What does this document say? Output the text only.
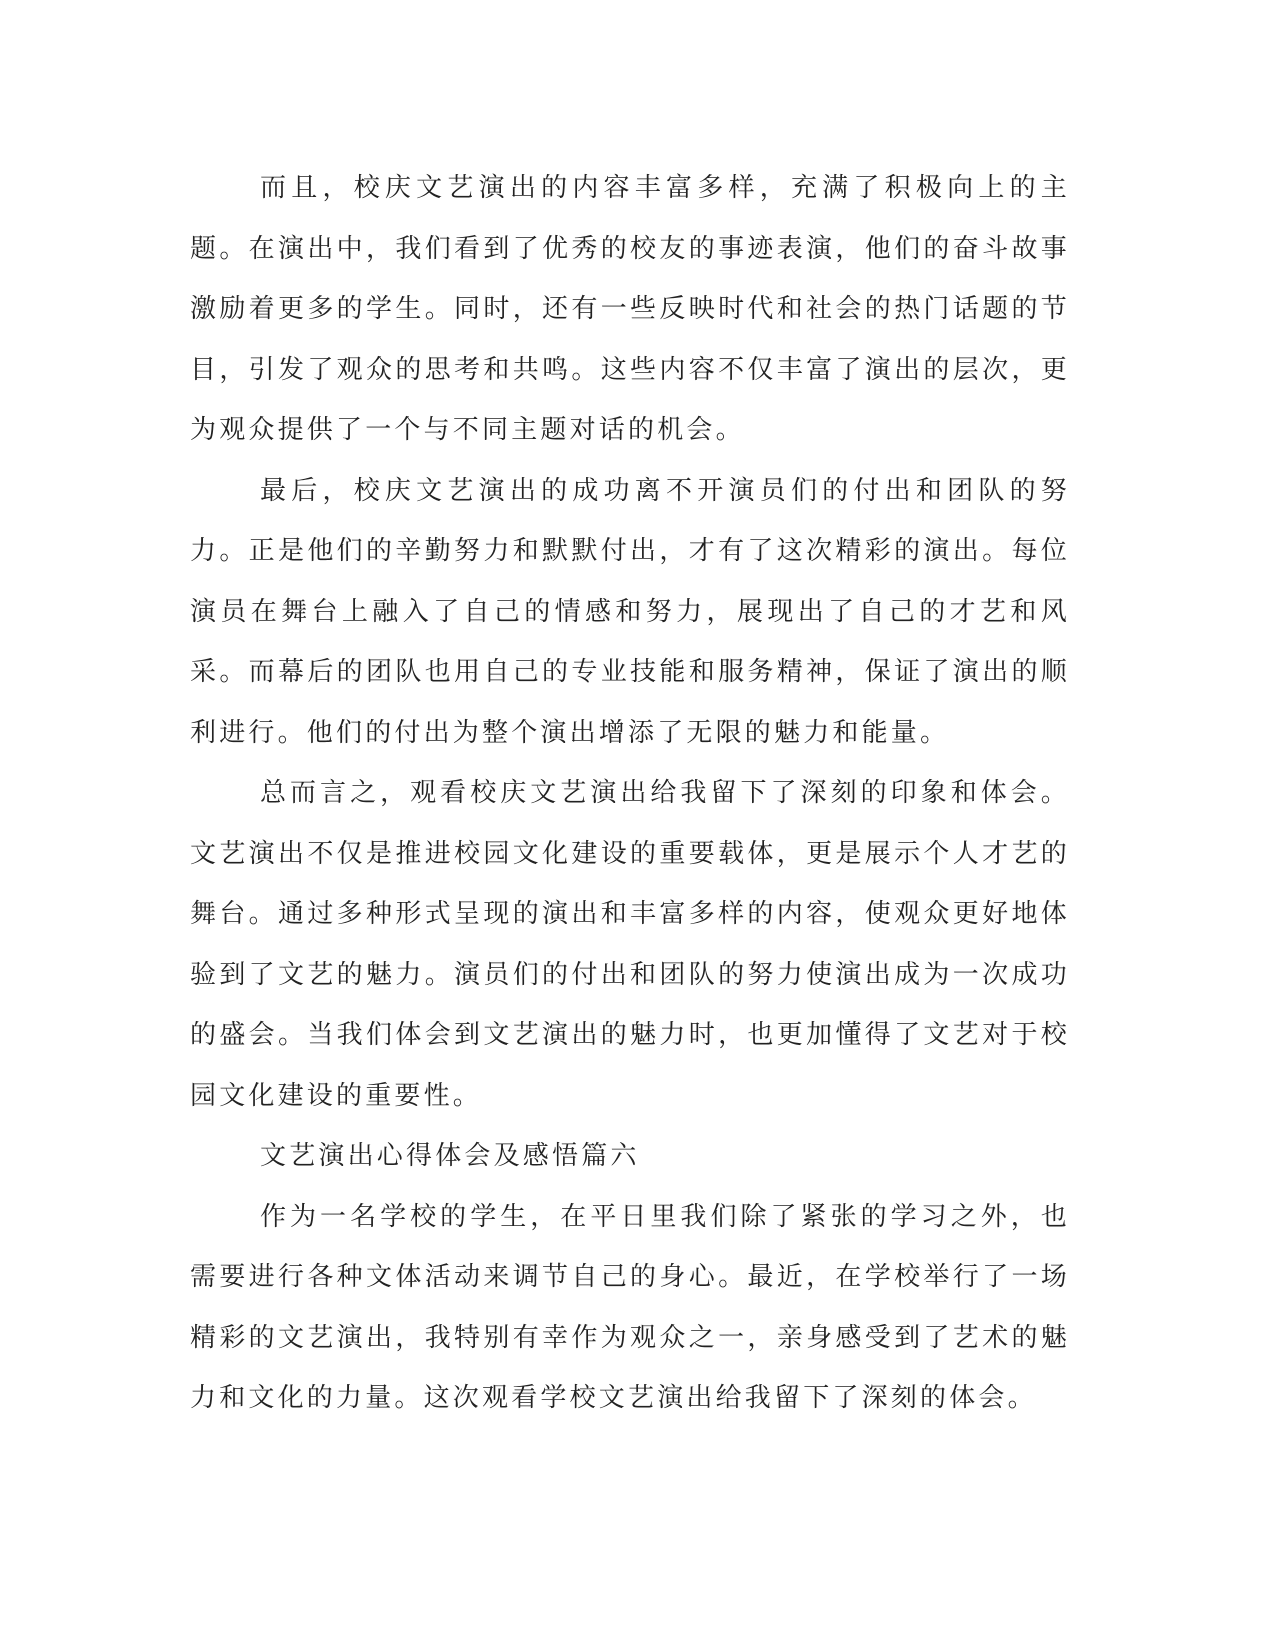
而且，校庆文艺演出的内容丰富多样，充满了积极向上的主题。在演出中，我们看到了优秀的校友的事迹表演，他们的奋斗故事激励着更多的学生。同时，还有一些反映时代和社会的热门话题的节目，引发了观众的思考和共鸣。这些内容不仅丰富了演出的层次，更为观众提供了一个与不同主题对话的机会。

最后，校庆文艺演出的成功离不开演员们的付出和团队的努力。正是他们的辛勤努力和默默付出，才有了这次精彩的演出。每位演员在舞台上融入了自己的情感和努力，展现出了自己的才艺和风采。而幕后的团队也用自己的专业技能和服务精神，保证了演出的顺利进行。他们的付出为整个演出增添了无限的魅力和能量。

总而言之，观看校庆文艺演出给我留下了深刻的印象和体会。文艺演出不仅是推进校园文化建设的重要载体，更是展示个人才艺的舞台。通过多种形式呈现的演出和丰富多样的内容，使观众更好地体验到了文艺的魅力。演员们的付出和团队的努力使演出成为一次成功的盛会。当我们体会到文艺演出的魅力时，也更加懂得了文艺对于校园文化建设的重要性。

文艺演出心得体会及感悟篇六

作为一名学校的学生，在平日里我们除了紧张的学习之外，也需要进行各种文体活动来调节自己的身心。最近，在学校举行了一场精彩的文艺演出，我特别有幸作为观众之一，亲身感受到了艺术的魅力和文化的力量。这次观看学校文艺演出给我留下了深刻的体会。
